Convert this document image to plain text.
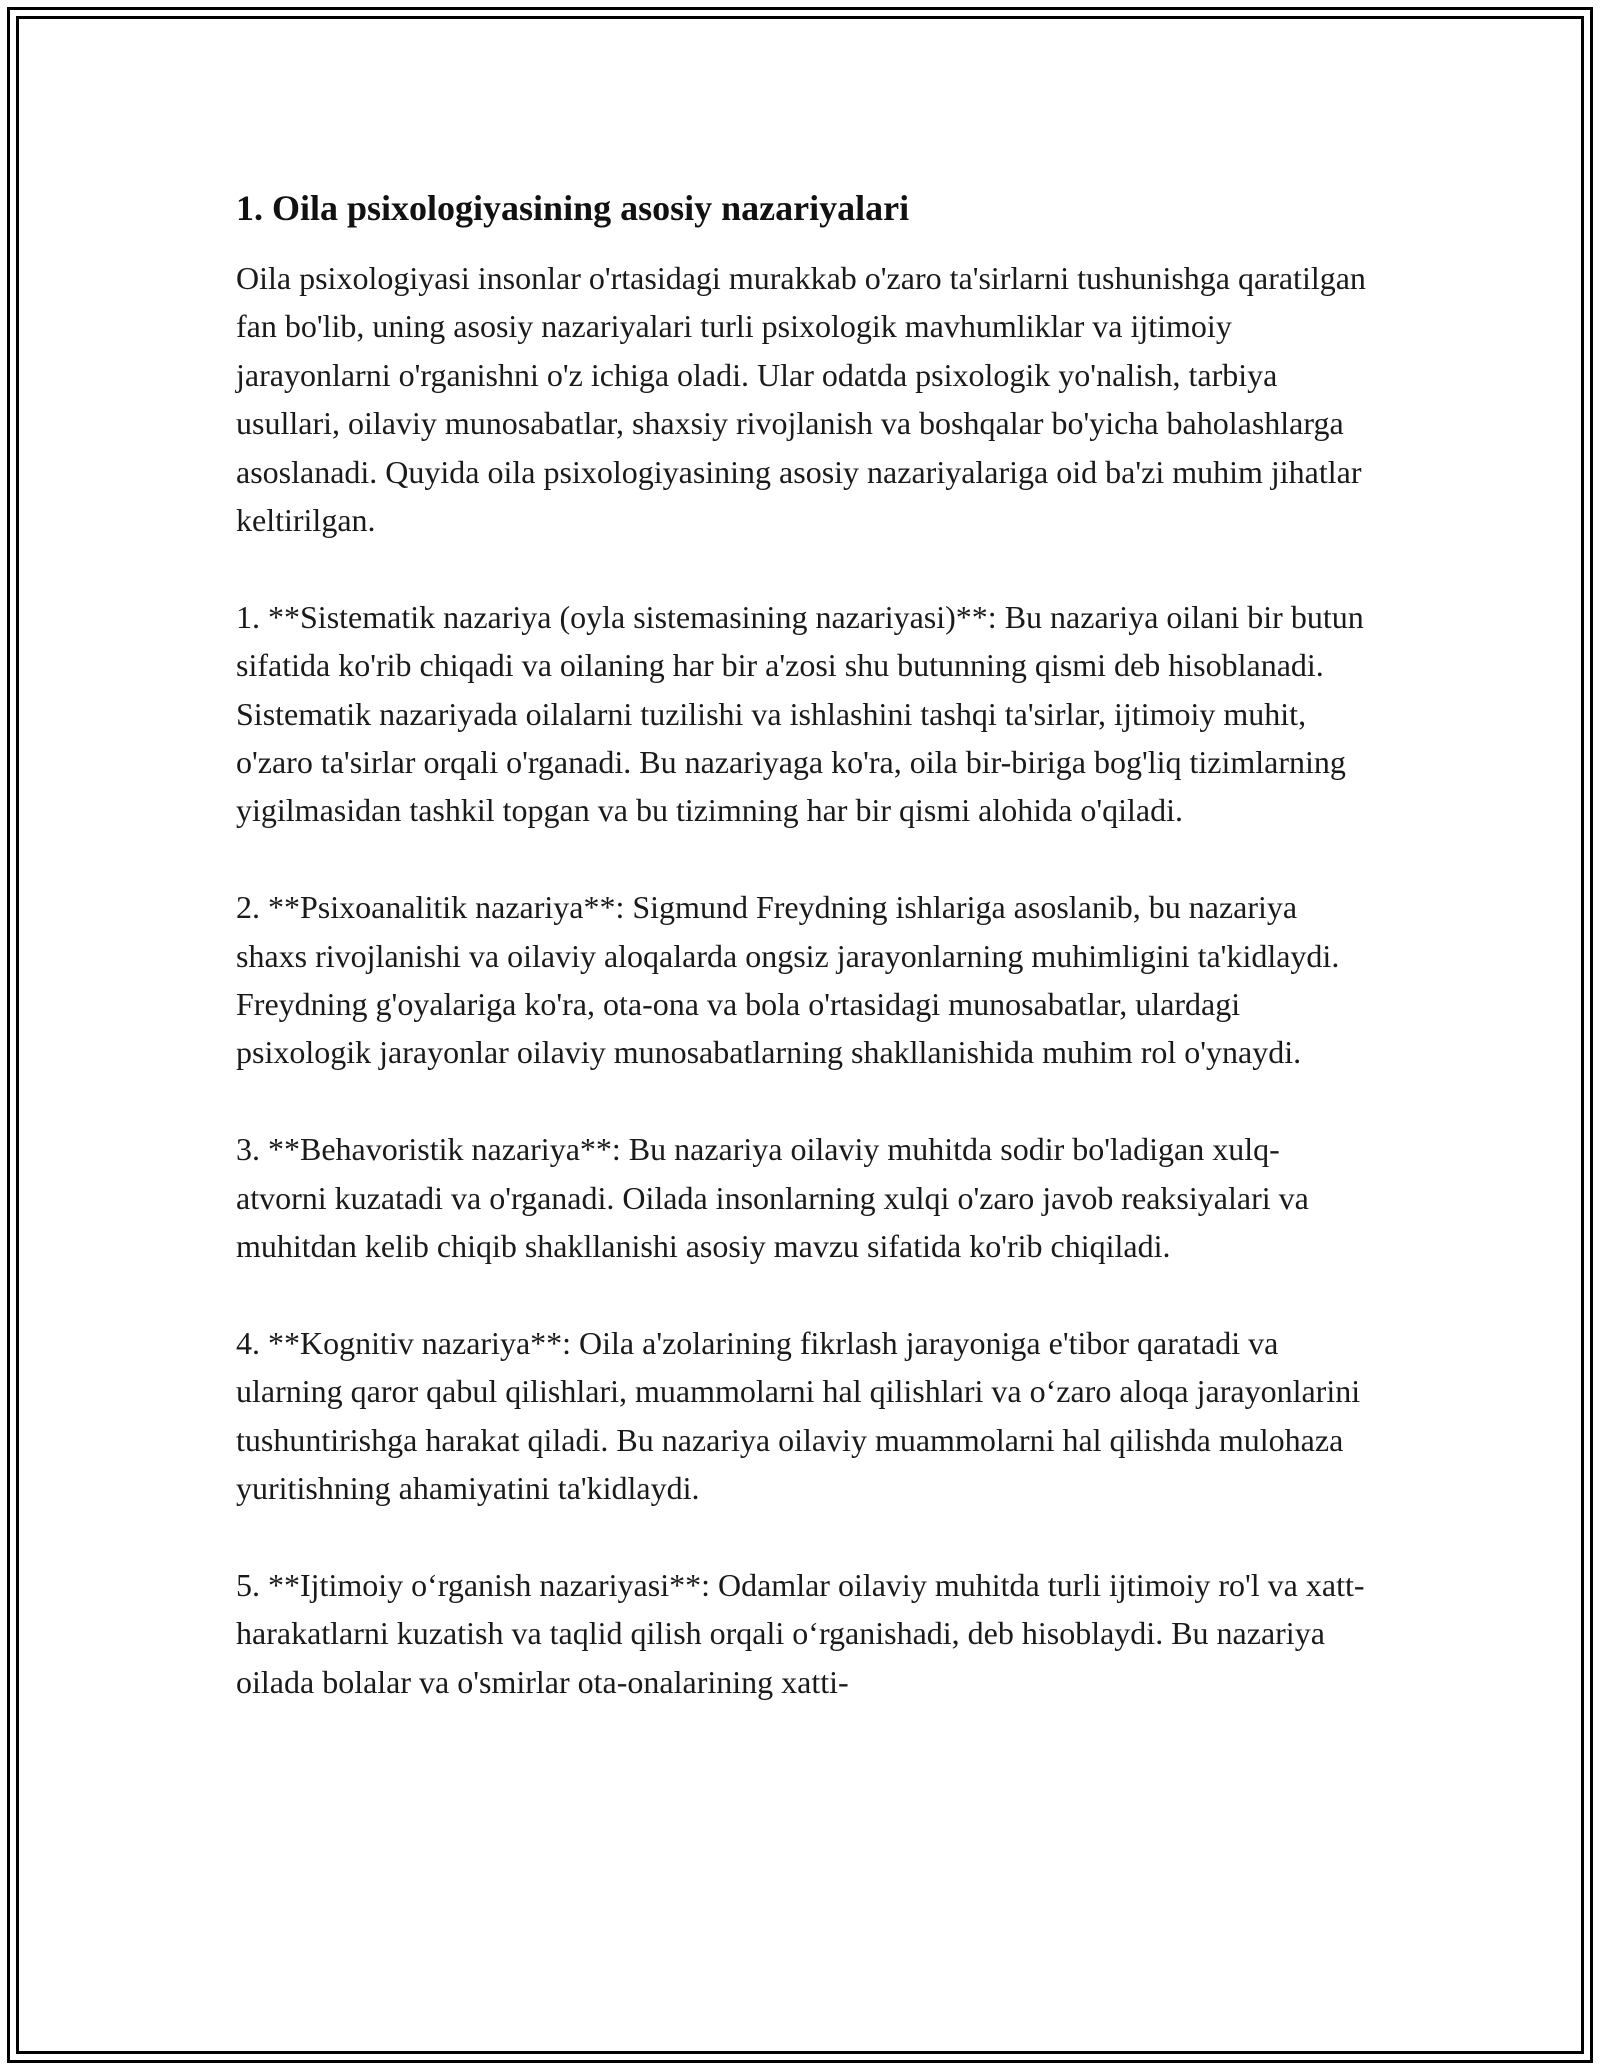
1. Oila psixologiyasining asosiy nazariyalari

Oila psixologiyasi insonlar o'rtasidagi murakkab o'zaro ta'sirlarni tushunishga qaratilgan fan bo'lib, uning asosiy nazariyalari turli psixologik mavhumliklar va ijtimoiy jarayonlarni o'rganishni o'z ichiga oladi. Ular odatda psixologik yo'nalish, tarbiya usullari, oilaviy munosabatlar, shaxsiy rivojlanish va boshqalar bo'yicha baholashlarga asoslanadi. Quyida oila psixologiyasining asosiy nazariyalariga oid ba'zi muhim jihatlar keltirilgan.

1. **Sistematik nazariya (oyla sistemasining nazariyasi)**: Bu nazariya oilani bir butun sifatida ko'rib chiqadi va oilaning har bir a'zosi shu butunning qismi deb hisoblanadi. Sistematik nazariyada oilalarni tuzilishi va ishlashini tashqi ta'sirlar, ijtimoiy muhit, o'zaro ta'sirlar orqali o'rganadi. Bu nazariyaga ko'ra, oila bir-biriga bog'liq tizimlarning yigilmasidan tashkil topgan va bu tizimning har bir qismi alohida o'qiladi.

2. **Psixoanalitik nazariya**: Sigmund Freydning ishlariga asoslanib, bu nazariya shaxs rivojlanishi va oilaviy aloqalarda ongsiz jarayonlarning muhimligini ta'kidlaydi. Freydning g'oyalariga ko'ra, ota-ona va bola o'rtasidagi munosabatlar, ulardagi psixologik jarayonlar oilaviy munosabatlarning shakllanishida muhim rol o'ynaydi.

3. **Behavoristik nazariya**: Bu nazariya oilaviy muhitda sodir bo'ladigan xulq-atvorni kuzatadi va o'rganadi. Oilada insonlarning xulqi o'zaro javob reaksiyalari va muhitdan kelib chiqib shakllanishi asosiy mavzu sifatida ko'rib chiqiladi.

4. **Kognitiv nazariya**: Oila a'zolarining fikrlash jarayoniga e'tibor qaratadi va ularning qaror qabul qilishlari, muammolarni hal qilishlari va o‘zaro aloqa jarayonlarini tushuntirishga harakat qiladi. Bu nazariya oilaviy muammolarni hal qilishda mulohaza yuritishning ahamiyatini ta'kidlaydi.

5. **Ijtimoiy o‘rganish nazariyasi**: Odamlar oilaviy muhitda turli ijtimoiy ro'l va xatt-harakatlarni kuzatish va taqlid qilish orqali o‘rganishadi, deb hisoblaydi. Bu nazariya oilada bolalar va o'smirlar ota-onalarining xatti-
